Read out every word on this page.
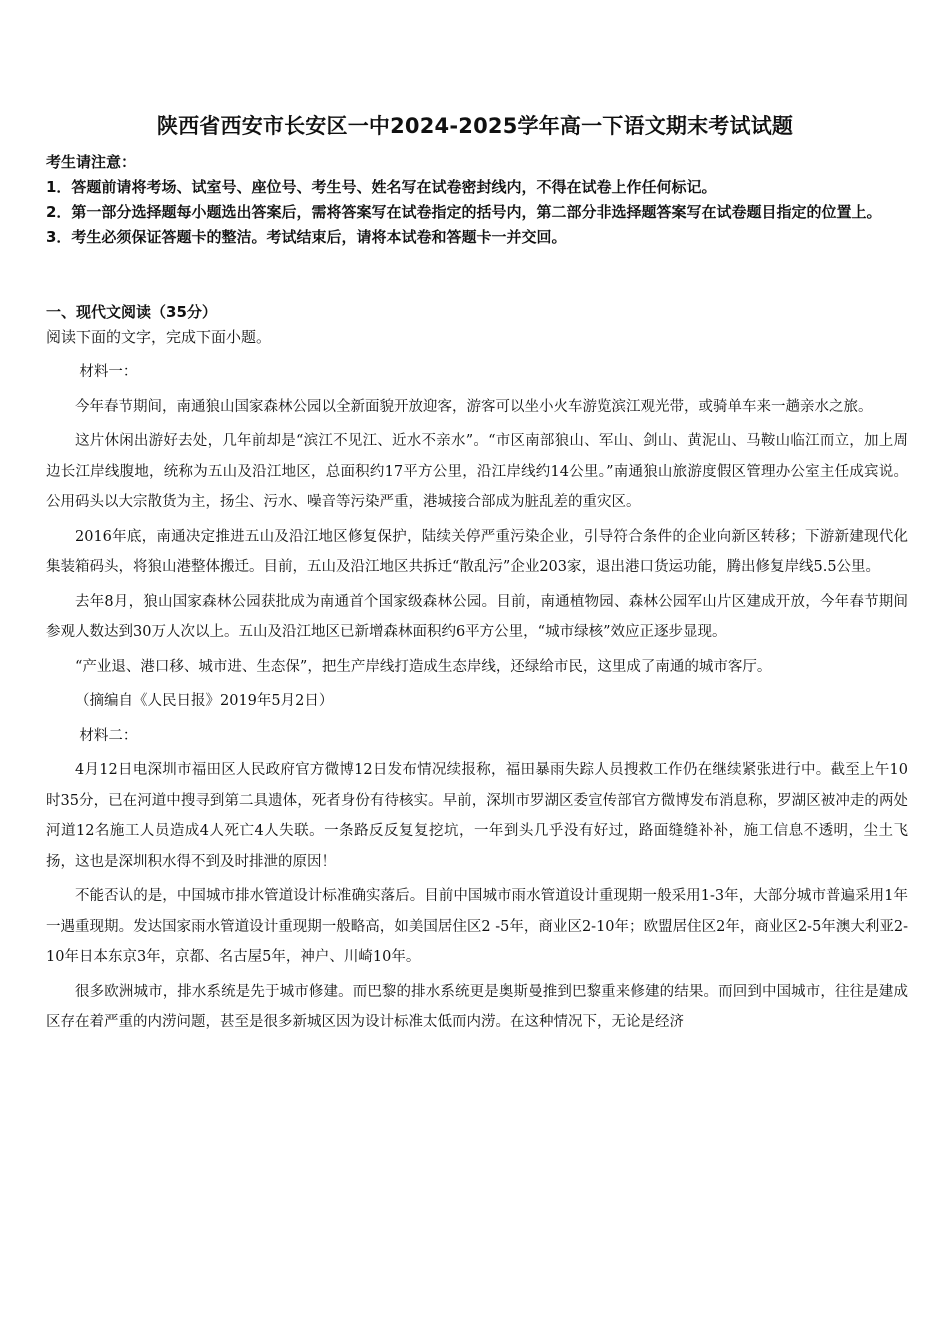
陕西省西安市长安区一中2024-2025学年高一下语文期末考试试题
考生请注意：
1．答题前请将考场、试室号、座位号、考生号、姓名写在试卷密封线内，不得在试卷上作任何标记。
2．第一部分选择题每小题选出答案后，需将答案写在试卷指定的括号内，第二部分非选择题答案写在试卷题目指定的位置上。
3．考生必须保证答题卡的整洁。考试结束后，请将本试卷和答题卡一并交回。
一、现代文阅读（35分）
阅读下面的文字，完成下面小题。

材料一：

今年春节期间，南通狼山国家森林公园以全新面貌开放迎客，游客可以坐小火车游览滨江观光带，或骑单车来一趟亲水之旅。

这片休闲出游好去处，几年前却是“滨江不见江、近水不亲水”。“市区南部狼山、军山、剑山、黄泥山、马鞍山临江而立，加上周边长江岸线腹地，统称为五山及沿江地区，总面积约17平方公里，沿江岸线约14公里。”南通狼山旅游度假区管理办公室主任成宾说。公用码头以大宗散货为主，扬尘、污水、噪音等污染严重，港城接合部成为脏乱差的重灾区。

2016年底，南通决定推进五山及沿江地区修复保护，陆续关停严重污染企业，引导符合条件的企业向新区转移；下游新建现代化集装箱码头，将狼山港整体搬迁。目前，五山及沿江地区共拆迁“散乱污”企业203家，退出港口货运功能，腾出修复岸线5.5公里。

去年8月，狼山国家森林公园获批成为南通首个国家级森林公园。目前，南通植物园、森林公园军山片区建成开放，今年春节期间参观人数达到30万人次以上。五山及沿江地区已新增森林面积约6平方公里，“城市绿核”效应正逐步显现。

“产业退、港口移、城市进、生态保”，把生产岸线打造成生态岸线，还绿给市民，这里成了南通的城市客厅。

（摘编自《人民日报》2019年5月2日）

材料二：

4月12日电深圳市福田区人民政府官方微博12日发布情况续报称，福田暴雨失踪人员搜救工作仍在继续紧张进行中。截至上午10时35分，已在河道中搜寻到第二具遗体，死者身份有待核实。早前，深圳市罗湖区委宣传部官方微博发布消息称，罗湖区被冲走的两处河道12名施工人员造成4人死亡4人失联。一条路反反复复挖坑，一年到头几乎没有好过，路面缝缝补补，施工信息不透明，尘土飞扬，这也是深圳积水得不到及时排泄的原因！

不能否认的是，中国城市排水管道设计标准确实落后。目前中国城市雨水管道设计重现期一般采用1-3年，大部分城市普遍采用1年一遇重现期。发达国家雨水管道设计重现期一般略高，如美国居住区2 -5年，商业区2-10年；欧盟居住区2年，商业区2-5年澳大利亚2-10年日本东京3年，京都、名古屋5年，神户、川崎10年。

很多欧洲城市，排水系统是先于城市修建。而巴黎的排水系统更是奥斯曼推到巴黎重来修建的结果。而回到中国城市，往往是建成区存在着严重的内涝问题，甚至是很多新城区因为设计标准太低而内涝。在这种情况下，无论是经济
